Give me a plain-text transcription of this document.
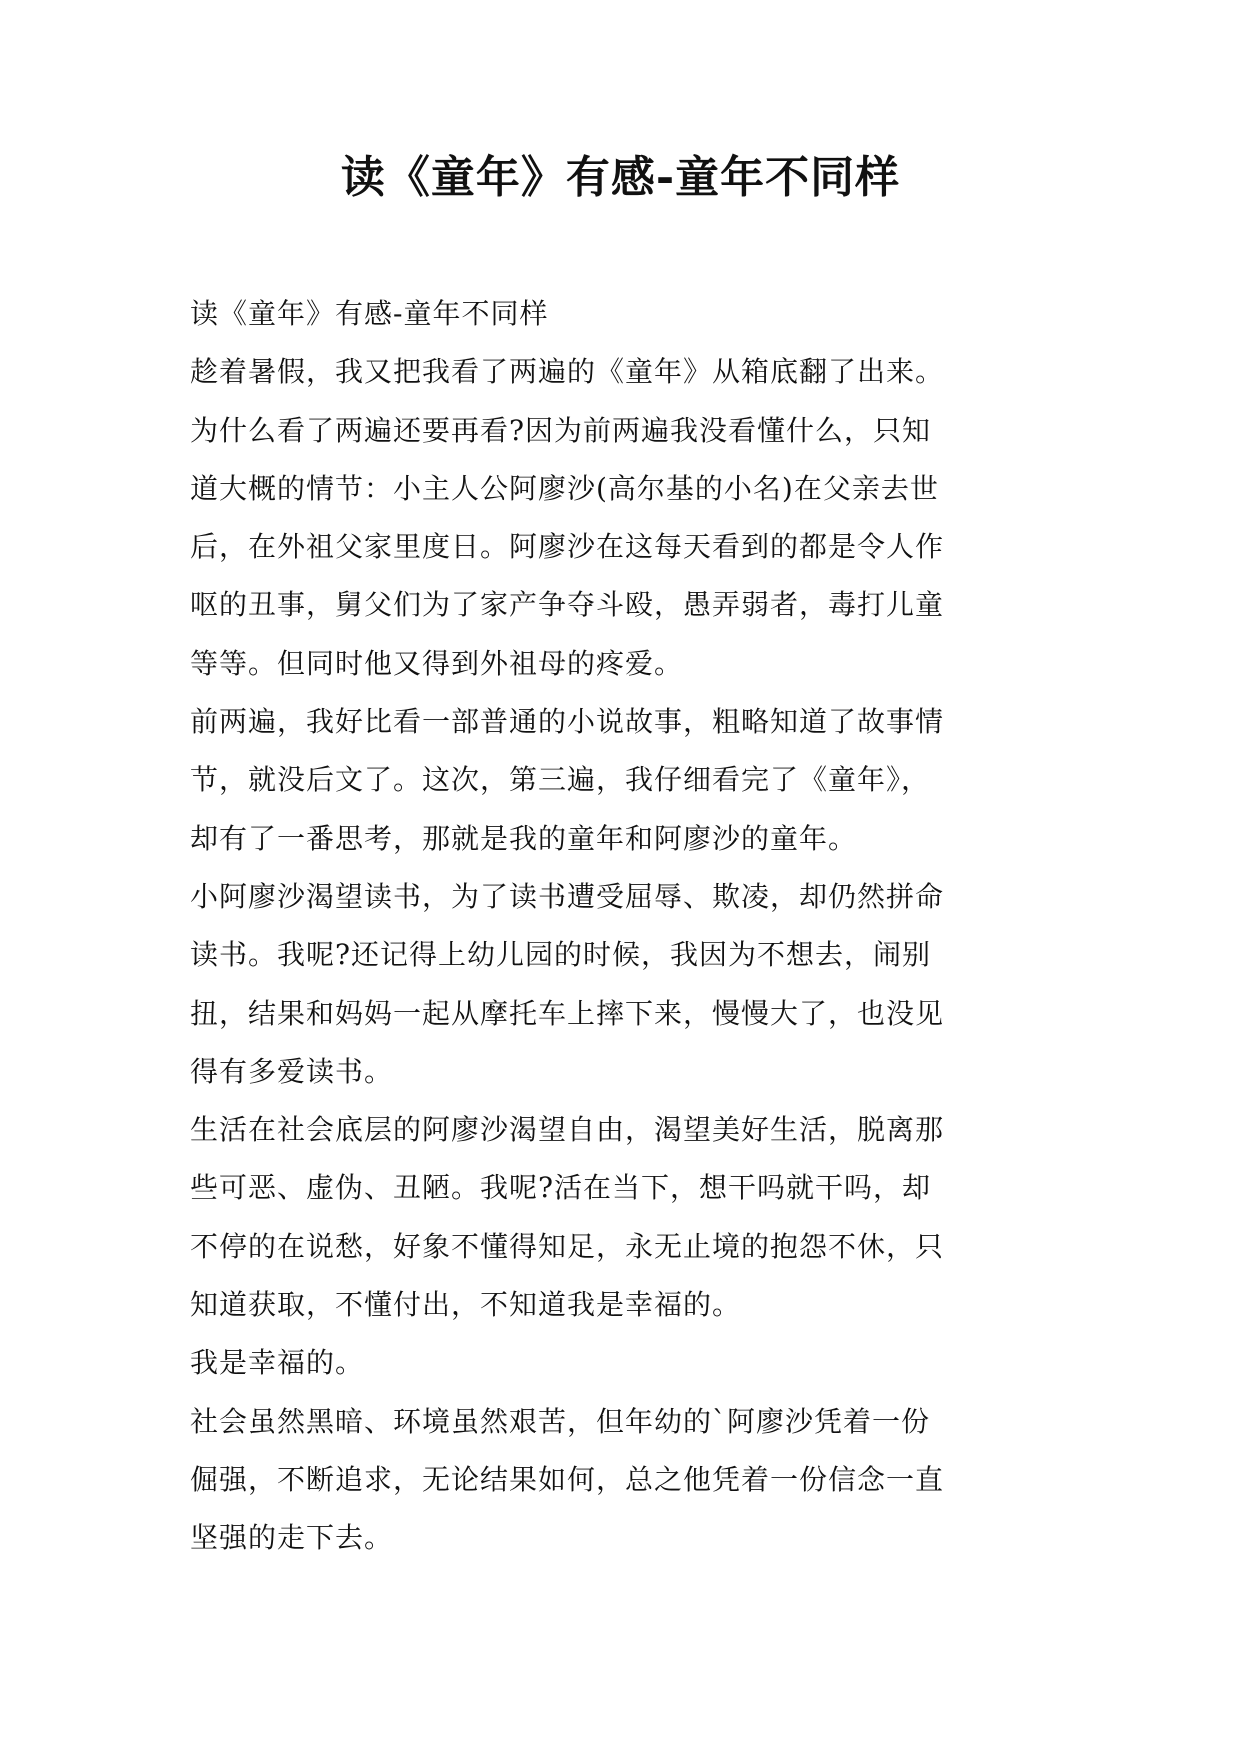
读《童年》有感-童年不同样
读《童年》有感-童年不同样
趁着暑假，我又把我看了两遍的《童年》从箱底翻了出来。
为什么看了两遍还要再看?因为前两遍我没看懂什么，只知
道大概的情节：小主人公阿廖沙(高尔基的小名)在父亲去世
后，在外祖父家里度日。阿廖沙在这每天看到的都是令人作
呕的丑事，舅父们为了家产争夺斗殴，愚弄弱者，毒打儿童
等等。但同时他又得到外祖母的疼爱。
前两遍，我好比看一部普通的小说故事，粗略知道了故事情
节，就没后文了。这次，第三遍，我仔细看完了《童年》，
却有了一番思考，那就是我的童年和阿廖沙的童年。
小阿廖沙渴望读书，为了读书遭受屈辱、欺凌，却仍然拼命
读书。我呢?还记得上幼儿园的时候，我因为不想去，闹别
扭，结果和妈妈一起从摩托车上摔下来，慢慢大了，也没见
得有多爱读书。
生活在社会底层的阿廖沙渴望自由，渴望美好生活，脱离那
些可恶、虚伪、丑陋。我呢?活在当下，想干吗就干吗，却
不停的在说愁，好象不懂得知足，永无止境的抱怨不休，只
知道获取，不懂付出，不知道我是幸福的。
我是幸福的。
社会虽然黑暗、环境虽然艰苦，但年幼的`阿廖沙凭着一份
倔强，不断追求，无论结果如何，总之他凭着一份信念一直
坚强的走下去。
